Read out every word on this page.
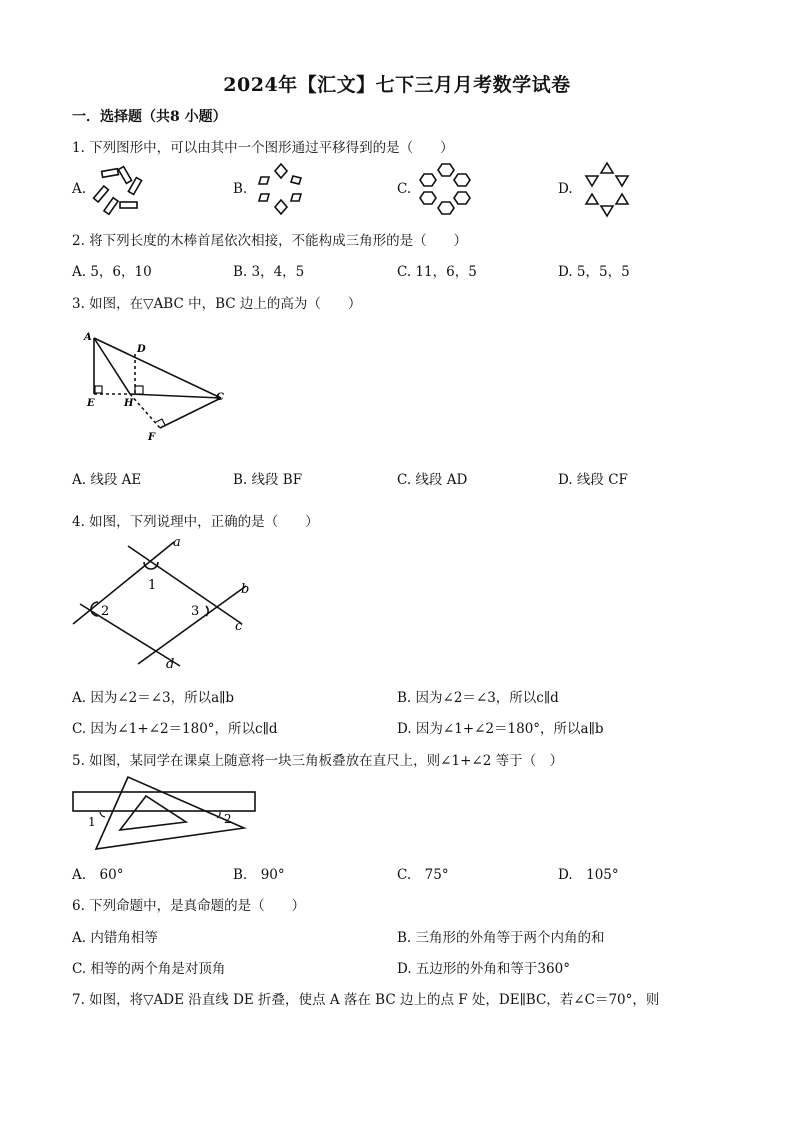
2024年【汇文】七下三月月考数学试卷
一．选择题（共8 小题）
1. 下列图形中，可以由其中一个图形通过平移得到的是（　　）
A.	B.	C.	D.
2. 将下列长度的木棒首尾依次相接，不能构成三角形的是（　　）
A. 5，6，10	B. 3，4，5	C. 11，6，5	D. 5，5，5
3. 如图，在▽ABC 中，BC 边上的高为（　　）
A
D
E	H
C
F
A. 线段 AE	B. 线段 BF	C. 线段 AD	D. 线段 CF
4. 如图，下列说理中，正确的是（　　）
a
1	b
2	3
c
d
A. 因为∠2＝∠3，所以a∥b	B. 因为∠2＝∠3，所以c∥d
C. 因为∠1+∠2＝180°，所以c∥d	D. 因为∠1+∠2＝180°，所以a∥b
5. 如图，某同学在课桌上随意将一块三角板叠放在直尺上，则∠1+∠2 等于（　）
1	2
A.　60°	B.　90°	C.　75°	D.　105°
6. 下列命题中，是真命题的是（　　）
A. 内错角相等	B. 三角形的外角等于两个内角的和
C. 相等的两个角是对顶角	D. 五边形的外角和等于360°
7. 如图，将▽ADE 沿直线 DE 折叠，使点 A 落在 BC 边上的点 F 处，DE∥BC，若∠C＝70°，则
